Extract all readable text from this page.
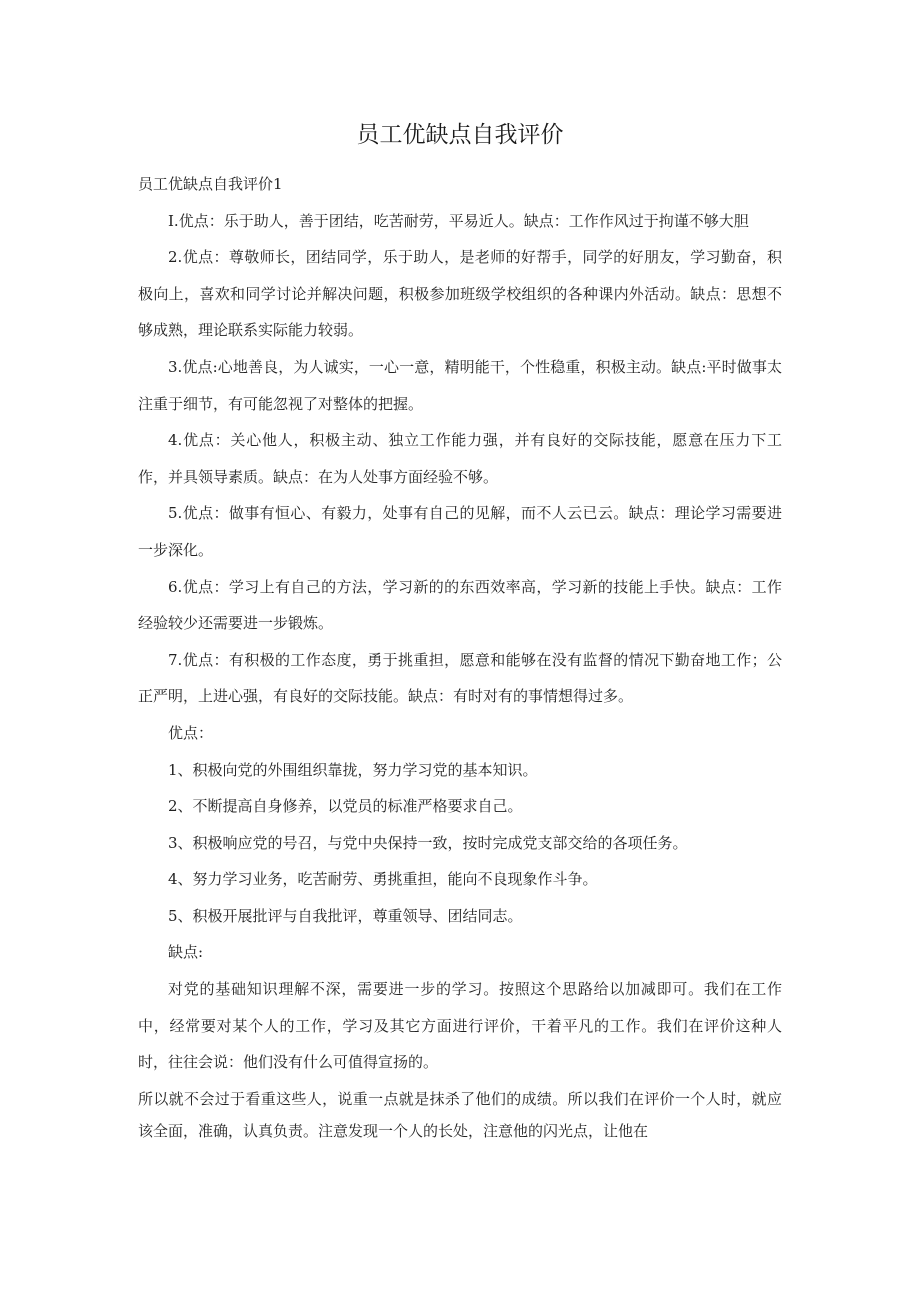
员工优缺点自我评价

员工优缺点自我评价1

I.优点：乐于助人，善于团结，吃苦耐劳，平易近人。缺点：工作作风过于拘谨不够大胆

2.优点：尊敬师长，团结同学，乐于助人，是老师的好帮手，同学的好朋友，学习勤奋，积极向上，喜欢和同学讨论并解决问题，积极参加班级学校组织的各种课内外活动。缺点：思想不够成熟，理论联系实际能力较弱。

3.优点:心地善良，为人诚实，一心一意，精明能干，个性稳重，积极主动。缺点:平时做事太注重于细节，有可能忽视了对整体的把握。

4.优点：关心他人，积极主动、独立工作能力强，并有良好的交际技能，愿意在压力下工作，并具领导素质。缺点：在为人处事方面经验不够。

5.优点：做事有恒心、有毅力，处事有自己的见解，而不人云已云。缺点：理论学习需要进一步深化。

6.优点：学习上有自己的方法，学习新的的东西效率高，学习新的技能上手快。缺点：工作经验较少还需要进一步锻炼。

7.优点：有积极的工作态度，勇于挑重担，愿意和能够在没有监督的情况下勤奋地工作；公正严明，上进心强，有良好的交际技能。缺点：有时对有的事情想得过多。

优点：

1、积极向党的外围组织靠拢，努力学习党的基本知识。

2、不断提高自身修养，以党员的标准严格要求自己。

3、积极响应党的号召，与党中央保持一致，按时完成党支部交给的各项任务。

4、努力学习业务，吃苦耐劳、勇挑重担，能向不良现象作斗争。

5、积极开展批评与自我批评，尊重领导、团结同志。

缺点:

对党的基础知识理解不深，需要进一步的学习。按照这个思路给以加减即可。我们在工作中，经常要对某个人的工作，学习及其它方面进行评价，干着平凡的工作。我们在评价这种人时，往往会说：他们没有什么可值得宣扬的。

所以就不会过于看重这些人，说重一点就是抹杀了他们的成绩。所以我们在评价一个人时，就应该全面，准确，认真负责。注意发现一个人的长处，注意他的闪光点，让他在
